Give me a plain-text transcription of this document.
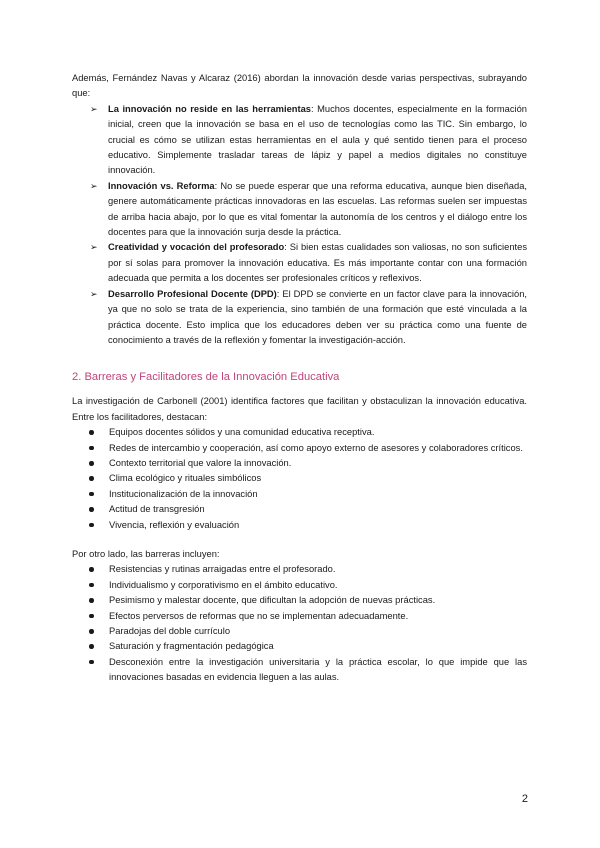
Además, Fernández Navas y Alcaraz (2016) abordan la innovación desde varias perspectivas, subrayando que:

➢ La innovación no reside en las herramientas: Muchos docentes, especialmente en la formación inicial, creen que la innovación se basa en el uso de tecnologías como las TIC. Sin embargo, lo crucial es cómo se utilizan estas herramientas en el aula y qué sentido tienen para el proceso educativo. Simplemente trasladar tareas de lápiz y papel a medios digitales no constituye innovación.
➢ Innovación vs. Reforma: No se puede esperar que una reforma educativa, aunque bien diseñada, genere automáticamente prácticas innovadoras en las escuelas. Las reformas suelen ser impuestas de arriba hacia abajo, por lo que es vital fomentar la autonomía de los centros y el diálogo entre los docentes para que la innovación surja desde la práctica.
➢ Creatividad y vocación del profesorado: Si bien estas cualidades son valiosas, no son suficientes por sí solas para promover la innovación educativa. Es más importante contar con una formación adecuada que permita a los docentes ser profesionales críticos y reflexivos.
➢ Desarrollo Profesional Docente (DPD): El DPD se convierte en un factor clave para la innovación, ya que no solo se trata de la experiencia, sino también de una formación que esté vinculada a la práctica docente. Esto implica que los educadores deben ver su práctica como una fuente de conocimiento a través de la reflexión y fomentar la investigación-acción.
2. Barreras y Facilitadores de la Innovación Educativa

La investigación de Carbonell (2001) identifica factores que facilitan y obstaculizan la innovación educativa. Entre los facilitadores, destacan:

Equipos docentes sólidos y una comunidad educativa receptiva.
Redes de intercambio y cooperación, así como apoyo externo de asesores y colaboradores críticos.
Contexto territorial que valore la innovación.
Clima ecológico y rituales simbólicos
Institucionalización de la innovación
Actitud de transgresión
Vivencia, reflexión y evaluación

Por otro lado, las barreras incluyen:

Resistencias y rutinas arraigadas entre el profesorado.
Individualismo y corporativismo en el ámbito educativo.
Pesimismo y malestar docente, que dificultan la adopción de nuevas prácticas.
Efectos perversos de reformas que no se implementan adecuadamente.
Paradojas del doble currículo
Saturación y fragmentación pedagógica
Desconexión entre la investigación universitaria y la práctica escolar, lo que impide que las innovaciones basadas en evidencia lleguen a las aulas.
2
